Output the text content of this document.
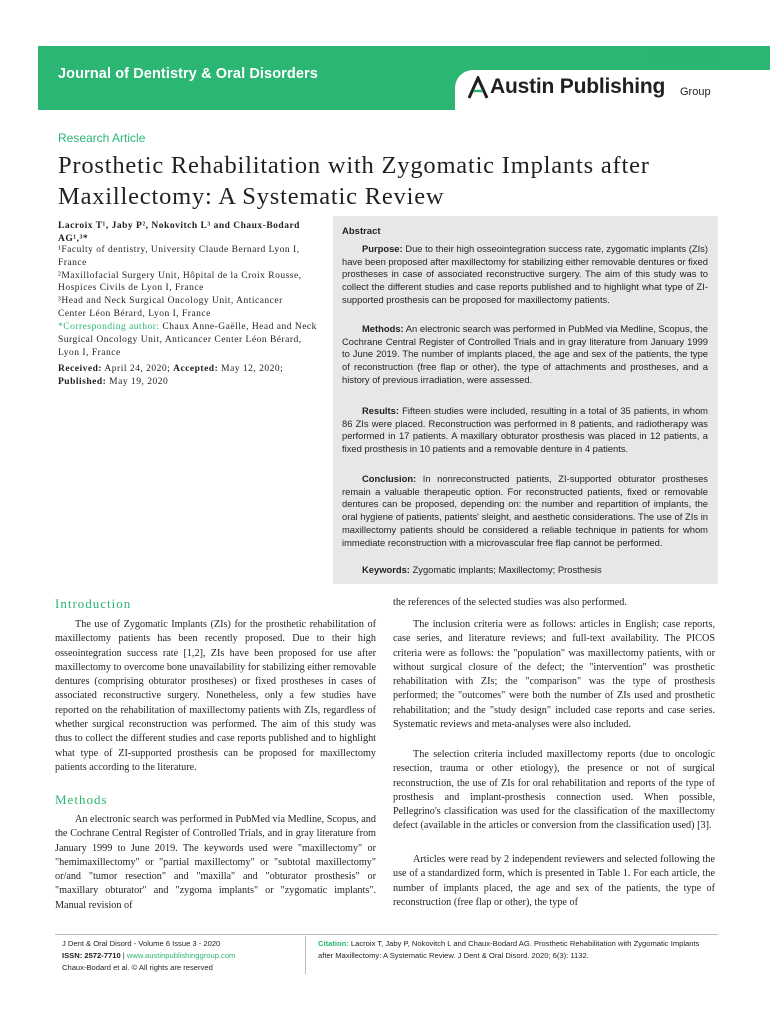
Journal of Dentistry & Oral Disorders
Open Access
Austin Publishing Group
Research Article
Prosthetic Rehabilitation with Zygomatic Implants after Maxillectomy: A Systematic Review
Lacroix T¹, Jaby P², Nokovitch L³ and Chaux-Bodard AG¹,³*
¹Faculty of dentistry, University Claude Bernard Lyon I, France
²Maxillofacial Surgery Unit, Hôpital de la Croix Rousse, Hospices Civils de Lyon I, France
³Head and Neck Surgical Oncology Unit, Anticancer Center Léon Bérard, Lyon I, France
*Corresponding author: Chaux Anne-Gaëlle, Head and Neck Surgical Oncology Unit, Anticancer Center Léon Bérard, Lyon I, France
Received: April 24, 2020; Accepted: May 12, 2020; Published: May 19, 2020
Abstract
Purpose: Due to their high osseointegration success rate, zygomatic implants (ZIs) have been proposed after maxillectomy for stabilizing either removable dentures or fixed prostheses in case of associated reconstructive surgery. The aim of this study was to collect the different studies and case reports published and to highlight what type of ZI-supported prosthesis can be proposed for maxillectomy patients.
Methods: An electronic search was performed in PubMed via Medline, Scopus, the Cochrane Central Register of Controlled Trials and in gray literature from January 1999 to June 2019. The number of implants placed, the age and sex of the patients, the type of reconstruction (free flap or other), the type of attachments and prostheses, and a history of previous irradiation, were assessed.
Results: Fifteen studies were included, resulting in a total of 35 patients, in whom 86 ZIs were placed. Reconstruction was performed in 8 patients, and radiotherapy was performed in 17 patients. A maxillary obturator prosthesis was placed in 12 patients, a fixed prosthesis in 10 patients and a removable denture in 4 patients.
Conclusion: In nonreconstructed patients, ZI-supported obturator prostheses remain a valuable therapeutic option. For reconstructed patients, fixed or removable dentures can be proposed, depending on: the number and repartition of implants, the oral hygiene of patients, patients' sleight, and aesthetic considerations. The use of ZIs in maxillectomy patients should be considered a reliable technique in patients for whom immediate reconstruction with a microvascular free flap cannot be performed.
Keywords: Zygomatic implants; Maxillectomy; Prosthesis
Introduction
The use of Zygomatic Implants (ZIs) for the prosthetic rehabilitation of maxillectomy patients has been recently proposed. Due to their high osseointegration success rate [1,2], ZIs have been proposed for use after maxillectomy to overcome bone unavailability for stabilizing either removable dentures (comprising obturator prostheses) or fixed prostheses in cases of associated reconstructive surgery. Nonetheless, only a few studies have reported on the rehabilitation of maxillectomy patients with ZIs, regardless of whether surgical reconstruction was performed. The aim of this study was thus to collect the different studies and case reports published and to highlight what type of ZI-supported prosthesis can be proposed for maxillectomy patients according to the literature.
Methods
An electronic search was performed in PubMed via Medline, Scopus, and the Cochrane Central Register of Controlled Trials, and in gray literature from January 1999 to June 2019. The keywords used were "maxillectomy" or "hemimaxillectomy" or "partial maxillectomy" or "subtotal maxillectomy" or/and "tumor resection" and "maxilla" and "obturator prosthesis" or "maxillary obturator" and "zygoma implants" or "zygomatic implants". Manual revision of
the references of the selected studies was also performed.
The inclusion criteria were as follows: articles in English; case reports, case series, and literature reviews; and full-text availability. The PICOS criteria were as follows: the "population" was maxillectomy patients, with or without surgical closure of the defect; the "intervention" was prosthetic rehabilitation with ZIs; the "comparison" was the type of prosthesis performed; the "outcomes" were both the number of ZIs used and prosthetic rehabilitation; and the "study design" included case reports and case series. Systematic reviews and meta-analyses were also included.
The selection criteria included maxillectomy reports (due to oncologic resection, trauma or other etiology), the presence or not of surgical reconstruction, the use of ZIs for oral rehabilitation and reports of the type of prosthesis and implant-prosthesis connection used. When possible, Pellegrino's classification was used for the classification of the maxillectomy defect (available in the articles or conversion from the classification used) [3].
Articles were read by 2 independent reviewers and selected following the use of a standardized form, which is presented in Table 1. For each article, the number of implants placed, the age and sex of the patients, the type of reconstruction (free flap or other), the type of
J Dent & Oral Disord - Volume 6 Issue 3 - 2020
ISSN: 2572-7710 | www.austinpublishinggroup.com
Chaux-Bodard et al. © All rights are reserved
Citation: Lacroix T, Jaby P, Nokovitch L and Chaux-Bodard AG. Prosthetic Rehabilitation with Zygomatic Implants after Maxillectomy: A Systematic Review. J Dent & Oral Disord. 2020; 6(3): 1132.
